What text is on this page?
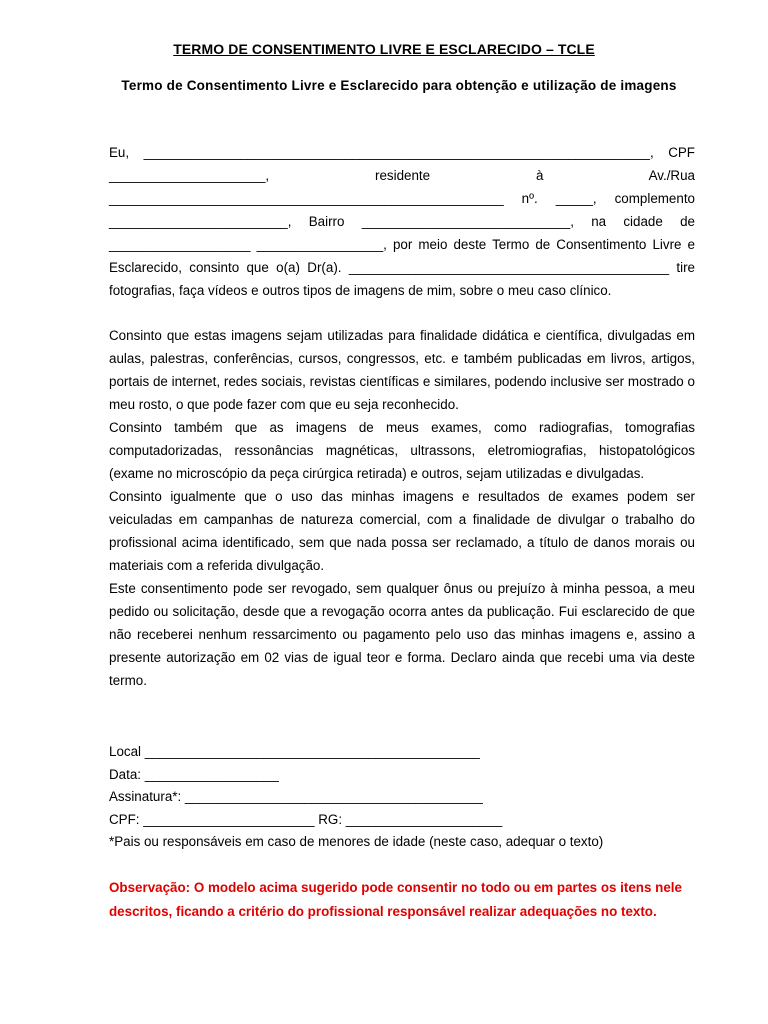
TERMO DE CONSENTIMENTO LIVRE E ESCLARECIDO – TCLE
Termo de Consentimento Livre e Esclarecido para obtenção e utilização de imagens

Eu, ____________________________________________________________________, CPF _____________________, residente à Av./Rua _____________________________________________________ nº. _____, complemento ________________________, Bairro ____________________________, na cidade de ___________________ _________________, por meio deste Termo de Consentimento Livre e Esclarecido, consinto que o(a) Dr(a). ___________________________________________ tire fotografias, faça vídeos e outros tipos de imagens de mim, sobre o meu caso clínico.

Consinto que estas imagens sejam utilizadas para finalidade didática e científica, divulgadas em aulas, palestras, conferências, cursos, congressos, etc. e também publicadas em livros, artigos, portais de internet, redes sociais, revistas científicas e similares, podendo inclusive ser mostrado o meu rosto, o que pode fazer com que eu seja reconhecido.

Consinto também que as imagens de meus exames, como radiografias, tomografias computadorizadas, ressonâncias magnéticas, ultrassons, eletromiografias, histopatológicos (exame no microscópio da peça cirúrgica retirada) e outros, sejam utilizadas e divulgadas.

Consinto igualmente que o uso das minhas imagens e resultados de exames podem ser veiculadas em campanhas de natureza comercial, com a finalidade de divulgar o trabalho do profissional acima identificado, sem que nada possa ser reclamado, a título de danos morais ou materiais com a referida divulgação.

Este consentimento pode ser revogado, sem qualquer ônus ou prejuízo à minha pessoa, a meu pedido ou solicitação, desde que a revogação ocorra antes da publicação. Fui esclarecido de que não receberei nenhum ressarcimento ou pagamento pelo uso das minhas imagens e, assino a presente autorização em 02 vias de igual teor e forma. Declaro ainda que recebi uma via deste termo.

Local _____________________________________________
Data: __________________
Assinatura*: ________________________________________
CPF: _______________________ RG: _____________________
*Pais ou responsáveis em caso de menores de idade (neste caso, adequar o texto)
Observação: O modelo acima sugerido pode consentir no todo ou em partes os itens nele descritos, ficando a critério do profissional responsável realizar adequações no texto.
